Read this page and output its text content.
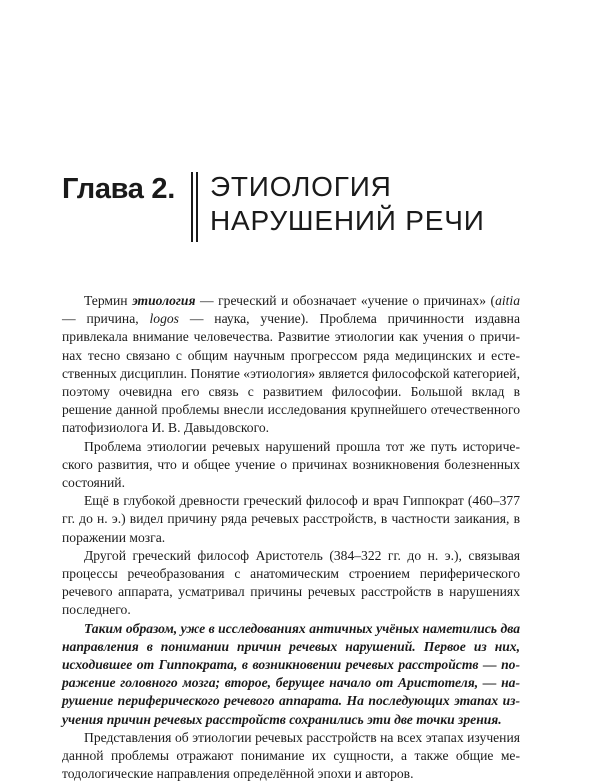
Глава 2. ЭТИОЛОГИЯ
НАРУШЕНИЙ РЕЧИ

Термин этиология — греческий и обозначает «учение о причинах» (aitia — причина, logos — наука, учение). Проблема причинности издавна привлекала внимание человечества. Развитие этиологии как учения о причинах тесно связано с общим научным прогрессом ряда медицинских и естественных дисциплин. Понятие «этиология» является философской категорией, поэтому очевидна его связь с развитием философии. Большой вклад в решение данной проблемы внесли исследования крупнейшего отечественного патофизиолога И. В. Давыдовского.

Проблема этиологии речевых нарушений прошла тот же путь исторического развития, что и общее учение о причинах возникновения болезненных состояний.

Ещё в глубокой древности греческий философ и врач Гиппократ (460–377 гг. до н. э.) видел причину ряда речевых расстройств, в частности заикания, в поражении мозга.

Другой греческий философ Аристотель (384–322 гг. до н. э.), связывая процессы речеобразования с анатомическим строением периферического речевого аппарата, усматривал причины речевых расстройств в нарушениях последнего.

Таким образом, уже в исследованиях античных учёных наметились два направления в понимании причин речевых нарушений. Первое из них, исходившее от Гиппократа, в возникновении речевых расстройств — поражение головного мозга; второе, берущее начало от Аристотеля, — нарушение периферического речевого аппарата. На последующих этапах изучения причин речевых расстройств сохранились эти две точки зрения.

Представления об этиологии речевых расстройств на всех этапах изучения данной проблемы отражают понимание их сущности, а также общие методологические направления определённой эпохи и авторов.
